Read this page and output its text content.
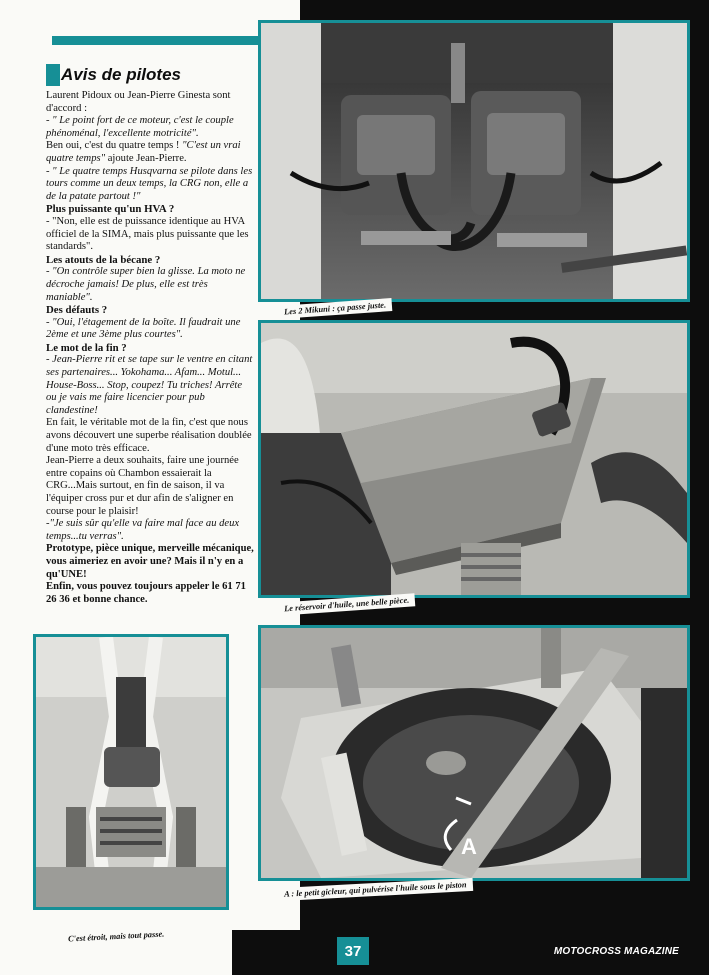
Avis de pilotes

Laurent Pidoux ou Jean-Pierre Ginesta sont d'accord :

- " Le point fort de ce moteur, c'est le couple phénoménal, l'excellente motricité".

Ben oui, c'est du quatre temps ! "C'est un vrai quatre temps" ajoute Jean-Pierre.

- " Le quatre temps Husqvarna se pilote dans les tours comme un deux temps, la CRG non, elle a de la patate partout !"

Plus puissante qu'un HVA ?

- "Non, elle est de puissance identique au HVA officiel de la SIMA, mais plus puissante que les standards".

Les atouts de la bécane ?

- "On contrôle super bien la glisse. La moto ne décroche jamais! De plus, elle est très maniable".

Des défauts ?

- "Oui, l'étagement de la boîte. Il faudrait une 2ème et une 3ème plus courtes".

Le mot de la fin ?

- Jean-Pierre rit et se tape sur le ventre en citant ses partenaires... Yokohama... Afam... Motul... House-Boss... Stop, coupez! Tu triches! Arrête ou je vais me faire licencier pour pub clandestine!

En fait, le véritable mot de la fin, c'est que nous avons découvert une superbe réalisation doublée d'une moto très efficace.

Jean-Pierre a deux souhaits, faire une journée entre copains où Chambon essaierait la CRG...Mais surtout, en fin de saison, il va l'équiper cross pur et dur afin de s'aligner en course pour le plaisir!

-"Je suis sûr qu'elle va faire mal face au deux temps...tu verras".

Prototype, pièce unique, merveille mécanique, vous aimeriez en avoir une? Mais il n'y en a qu'UNE!

Enfin, vous pouvez toujours appeler le 61 71 26 36 et bonne chance.

Les 2 Mikuni : ça passe juste.
Le réservoir d'huile, une belle pièce.
A
A : le petit gicleur, qui pulvérise l'huile sous le piston
C'est étroit, mais tout passe.
37	MOTOCROSS MAGAZINE
